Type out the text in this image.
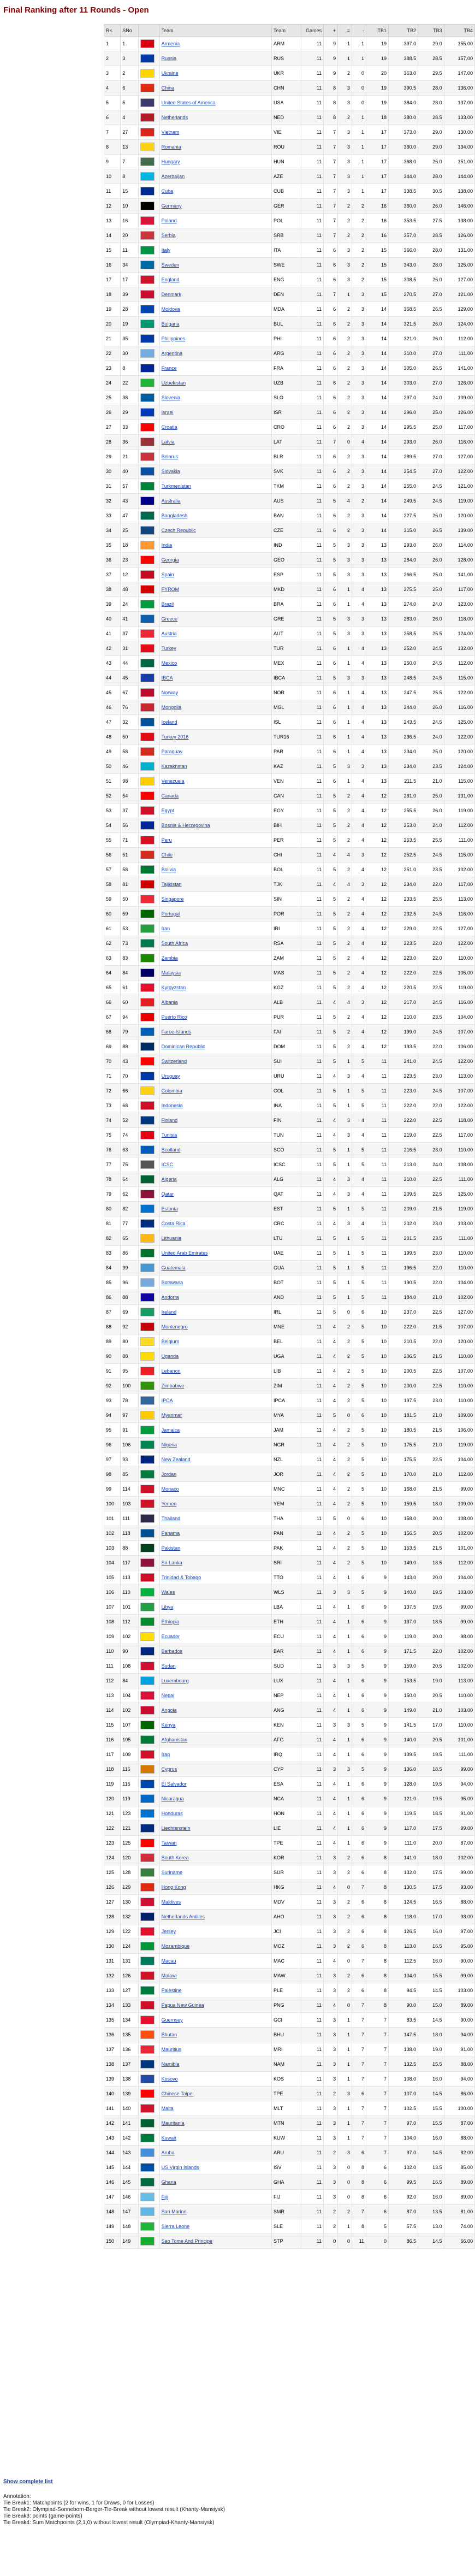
Final Ranking after 11 Rounds - Open
Rk.	SNo		Team	Team	Games	+	=	-	TB1	TB2	TB3	TB4
1	1		Armenia	ARM	11	9	1	1	19	397.0	29.0	155.00
2	3		Russia	RUS	11	9	1	1	19	388.5	28.5	157.00
3	2		Ukraine	UKR	11	9	2	0	20	363.0	29.5	147.00
4	6		China	CHN	11	8	3	0	19	390.5	28.0	136.00
5	5		United States of America	USA	11	8	3	0	19	384.0	28.0	137.00
6	4		Netherlands	NED	11	8	2	1	18	380.0	28.5	133.00
7	27		Vietnam	VIE	11	7	3	1	17	373.0	29.0	130.00
8	13		Romania	ROU	11	7	3	1	17	360.0	29.0	134.00
9	7		Hungary	HUN	11	7	3	1	17	368.0	26.0	151.00
10	8		Azerbaijan	AZE	11	7	3	1	17	344.0	28.0	144.00
11	15		Cuba	CUB	11	7	3	1	17	338.5	30.5	138.00
12	10		Germany	GER	11	7	2	2	16	360.0	26.0	146.00
13	16		Poland	POL	11	7	2	2	16	353.5	27.5	138.00
14	20		Serbia	SRB	11	7	2	2	16	357.0	28.5	126.00
15	11		Italy	ITA	11	6	3	2	15	366.0	28.0	131.00
16	34		Sweden	SWE	11	6	3	2	15	343.0	28.0	125.00
17	17		England	ENG	11	6	3	2	15	308.5	26.0	127.00
18	39		Denmark	DEN	11	7	1	3	15	270.5	27.0	121.00
19	28		Moldova	MDA	11	6	2	3	14	368.5	26.5	129.00
20	19		Bulgaria	BUL	11	6	2	3	14	321.5	26.0	124.00
21	35		Philippines	PHI	11	6	2	3	14	321.0	26.0	112.00
22	30		Argentina	ARG	11	6	2	3	14	310.0	27.0	111.00
23	8		France	FRA	11	6	2	3	14	305.0	26.5	141.00
24	22		Uzbekistan	UZB	11	6	2	3	14	303.0	27.0	126.00
25	38		Slovenia	SLO	11	6	2	3	14	297.0	24.0	109.00
26	29		Israel	ISR	11	6	2	3	14	296.0	25.0	126.00
27	33		Croatia	CRO	11	6	2	3	14	295.5	25.0	117.00
28	36		Latvia	LAT	11	7	0	4	14	293.0	26.0	116.00
29	21		Belarus	BLR	11	6	2	3	14	289.5	27.0	127.00
30	40		Slovakia	SVK	11	6	2	3	14	254.5	27.0	122.00
31	57		Turkmenistan	TKM	11	6	2	3	14	255.0	24.5	121.00
32	43		Australia	AUS	11	5	4	2	14	249.5	24.5	119.00
33	47		Bangladesh	BAN	11	6	2	3	14	227.5	26.0	120.00
34	25		Czech Republic	CZE	11	6	2	3	14	315.0	26.5	139.00
35	18		India	IND	11	5	3	3	13	293.0	26.0	114.00
36	23		Georgia	GEO	11	5	3	3	13	284.0	26.0	128.00
37	12		Spain	ESP	11	5	3	3	13	266.5	25.0	141.00
38	48		FYROM	MKD	11	6	1	4	13	275.5	25.0	117.00
39	24		Brazil	BRA	11	6	1	4	13	274.0	24.0	123.00
40	41		Greece	GRE	11	5	3	3	13	283.0	26.0	118.00
41	37		Austria	AUT	11	5	3	3	13	258.5	25.5	124.00
42	31		Turkey	TUR	11	6	1	4	13	252.0	24.5	132.00
43	44		Mexico	MEX	11	6	1	4	13	250.0	24.5	112.00
44	45		IBCA	IBCA	11	5	3	3	13	248.5	24.5	115.00
45	67		Norway	NOR	11	6	1	4	13	247.5	25.5	122.00
46	76		Mongolia	MGL	11	6	1	4	13	244.0	26.0	116.00
47	32		Iceland	ISL	11	6	1	4	13	243.5	24.5	125.00
48	50		Turkey 2016	TUR16	11	6	1	4	13	236.5	24.0	122.00
49	58		Paraguay	PAR	11	6	1	4	13	234.0	25.0	120.00
50	46		Kazakhstan	KAZ	11	5	3	3	13	234.0	23.5	124.00
51	98		Venezuela	VEN	11	6	1	4	13	211.5	21.0	115.00
52	54		Canada	CAN	11	5	2	4	12	261.0	25.0	131.00
53	37		Egypt	EGY	11	5	2	4	12	255.5	26.0	119.00
54	56		Bosnia & Herzegovina	BIH	11	5	2	4	12	253.0	24.0	112.00
55	71		Peru	PER	11	5	2	4	12	253.5	25.5	111.00
56	51		Chile	CHI	11	4	4	3	12	252.5	24.5	115.00
57	58		Bolivia	BOL	11	5	2	4	12	251.0	23.5	102.00
58	81		Tajikistan	TJK	11	4	4	3	12	234.0	22.0	117.00
59	50		Singapore	SIN	11	5	2	4	12	233.5	25.5	113.00
60	59		Portugal	POR	11	5	2	4	12	232.5	24.5	116.00
61	53		Iran	IRI	11	5	2	4	12	229.0	22.5	127.00
62	73		South Africa	RSA	11	5	2	4	12	223.5	22.0	122.00
63	83		Zambia	ZAM	11	5	2	4	12	223.0	22.0	110.00
64	84		Malaysia	MAS	11	5	2	4	12	222.0	22.5	105.00
65	61		Kyrgyzstan	KGZ	11	5	2	4	12	220.5	22.5	119.00
66	60		Albania	ALB	11	4	4	3	12	217.0	24.5	116.00
67	94		Puerto Rico	PUR	11	5	2	4	12	210.0	23.5	104.00
68	79		Faroe Islands	FAI	11	5	2	4	12	199.0	24.5	107.00
69	88		Dominican Republic	DOM	11	5	2	4	12	193.5	22.0	106.00
70	43		Switzerland	SUI	11	5	1	5	11	241.0	24.5	122.00
71	70		Uruguay	URU	11	4	3	4	11	223.5	23.0	113.00
72	66		Colombia	COL	11	5	1	5	11	223.0	24.5	107.00
73	68		Indonesia	INA	11	5	1	5	11	222.0	22.0	122.00
74	52		Finland	FIN	11	4	3	4	11	222.0	22.5	118.00
75	74		Tunisia	TUN	11	4	3	4	11	219.0	22.5	117.00
76	63		Scotland	SCO	11	5	1	5	11	216.5	23.0	110.00
77	75		ICSC	ICSC	11	5	1	5	11	213.0	24.0	108.00
78	64		Algeria	ALG	11	4	3	4	11	210.0	22.5	111.00
79	62		Qatar	QAT	11	4	3	4	11	209.5	22.5	125.00
80	82		Estonia	EST	11	5	1	5	11	209.0	21.5	119.00
81	77		Costa Rica	CRC	11	4	3	4	11	202.0	23.0	103.00
82	65		Lithuania	LTU	11	5	1	5	11	201.5	23.5	111.00
83	86		United Arab Emirates	UAE	11	5	1	5	11	199.5	23.0	110.00
84	99		Guatemala	GUA	11	5	1	5	11	196.5	22.0	110.00
85	96		Botswana	BOT	11	5	1	5	11	190.5	22.0	104.00
86	88		Andorra	AND	11	5	1	5	11	184.0	21.0	102.00
87	69		Ireland	IRL	11	5	0	6	10	237.0	22.5	127.00
88	92		Montenegro	MNE	11	4	2	5	10	222.0	21.5	107.00
89	80		Belgium	BEL	11	4	2	5	10	210.5	22.0	120.00
90	88		Uganda	UGA	11	4	2	5	10	206.5	21.5	110.00
91	95		Lebanon	LIB	11	4	2	5	10	200.5	22.5	107.00
92	100		Zimbabwe	ZIM	11	4	2	5	10	200.0	22.5	110.00
93	78		IPCA	IPCA	11	4	2	5	10	197.5	23.0	110.00
94	97		Myanmar	MYA	11	5	0	6	10	181.5	21.0	109.00
95	91		Jamaica	JAM	11	4	2	5	10	180.5	21.5	106.00
96	106		Nigeria	NGR	11	4	2	5	10	175.5	21.0	119.00
97	93		New Zealand	NZL	11	4	2	5	10	175.5	22.5	104.00
98	85		Jordan	JOR	11	4	2	5	10	170.0	21.0	112.00
99	114		Monaco	MNC	11	4	2	5	10	168.0	21.5	99.00
100	103		Yemen	YEM	11	4	2	5	10	159.5	18.0	109.00
101	111		Thailand	THA	11	5	0	6	10	158.0	20.0	108.00
102	118		Panama	PAN	11	4	2	5	10	156.5	20.5	102.00
103	88		Pakistan	PAK	11	4	2	5	10	153.5	21.5	101.00
104	117		Sri Lanka	SRI	11	4	2	5	10	149.0	18.5	112.00
105	113		Trinidad & Tobago	TTO	11	4	1	6	9	143.0	20.0	104.00
106	110		Wales	WLS	11	3	3	5	9	140.0	19.5	103.00
107	101		Libya	LBA	11	4	1	6	9	137.5	19.5	99.00
108	112		Ethiopia	ETH	11	4	1	6	9	137.0	18.5	99.00
109	102		Ecuador	ECU	11	4	1	6	9	119.0	20.0	98.00
110	90		Barbados	BAR	11	4	1	6	9	171.5	22.0	102.00
111	108		Sudan	SUD	11	3	3	5	9	159.0	20.5	102.00
112	84		Luxembourg	LUX	11	4	1	6	9	153.5	19.0	113.00
113	104		Nepal	NEP	11	4	1	6	9	150.0	20.5	110.00
114	102		Angola	ANG	11	4	1	6	9	149.0	21.0	103.00
115	107		Kenya	KEN	11	3	3	5	9	141.5	17.0	110.00
116	105		Afghanistan	AFG	11	4	1	6	9	140.0	20.5	101.00
117	109		Iraq	IRQ	11	4	1	6	9	139.5	19.5	111.00
118	116		Cyprus	CYP	11	3	3	5	9	136.0	18.5	99.00
119	115		El Salvador	ESA	11	4	1	6	9	128.0	19.5	94.00
120	119		Nicaragua	NCA	11	4	1	6	9	121.0	19.5	95.00
121	123		Honduras	HON	11	4	1	6	9	119.5	18.5	91.00
122	121		Liechtenstein	LIE	11	4	1	6	9	117.0	17.5	99.00
123	125		Taiwan	TPE	11	4	1	6	9	111.0	20.0	87.00
124	120		South Korea	KOR	11	3	2	6	8	141.0	18.0	102.00
125	128		Suriname	SUR	11	3	2	6	8	132.0	17.5	99.00
126	129		Hong Kong	HKG	11	4	0	7	8	130.5	17.5	93.00
127	130		Maldives	MDV	11	3	2	6	8	124.5	16.5	88.00
128	132		Netherlands Antilles	AHO	11	3	2	6	8	118.0	17.0	93.00
129	122		Jersey	JCI	11	3	2	6	8	126.5	16.0	97.00
130	124		Mozambique	MOZ	11	3	2	6	8	113.0	16.5	95.00
131	131		Macau	MAC	11	4	0	7	8	112.5	16.0	90.00
132	126		Malawi	MAW	11	3	2	6	8	104.0	15.5	99.00
133	127		Palestine	PLE	11	3	2	6	8	94.5	14.5	103.00
134	133		Papua New Guinea	PNG	11	4	0	7	8	90.0	15.0	89.00
135	134		Guernsey	GCI	11	3	1	7	7	83.5	14.5	90.00
136	135		Bhutan	BHU	11	3	1	7	7	147.5	18.0	94.00
137	136		Mauritius	MRI	11	3	1	7	7	138.0	19.0	91.00
138	137		Namibia	NAM	11	3	1	7	7	132.5	15.5	88.00
139	138		Kosovo	KOS	11	3	1	7	7	108.0	16.0	94.00
140	139		Chinese Taipei	TPE	11	2	3	6	7	107.0	14.5	86.00
141	140		Malta	MLT	11	3	1	7	7	102.5	15.5	100.00
142	141		Mauritania	MTN	11	3	1	7	7	97.0	15.5	87.00
143	142		Kuwait	KUW	11	3	1	7	7	104.0	16.0	88.00
144	143		Aruba	ARU	11	2	3	6	7	97.0	14.5	82.00
145	144		US Virgin Islands	ISV	11	3	0	8	6	102.0	13.5	85.00
146	145		Ghana	GHA	11	3	0	8	6	99.5	16.5	89.00
147	146		Fiji	FIJ	11	3	0	8	6	92.0	16.0	89.00
148	147		San Marino	SMR	11	2	2	7	6	87.0	13.5	81.00
149	148		Sierra Leone	SLE	11	2	1	8	5	57.5	13.0	74.00
150	149		Sao Tome And Principe	STP	11	0	0	11	0	86.5	14.5	66.00
Show complete list
Annotation:
Tie Break1: Matchpoints (2 for wins, 1 for Draws, 0 for Losses)
Tie Break2: Olympiad-Sonneborn-Berger-Tie-Break without lowest result (Khanty-Mansiysk)
Tie Break3: points (game-points)
Tie Break4: Sum Matchpoints (2,1,0) without lowest result (Olympiad-Khanty-Mansiysk)
